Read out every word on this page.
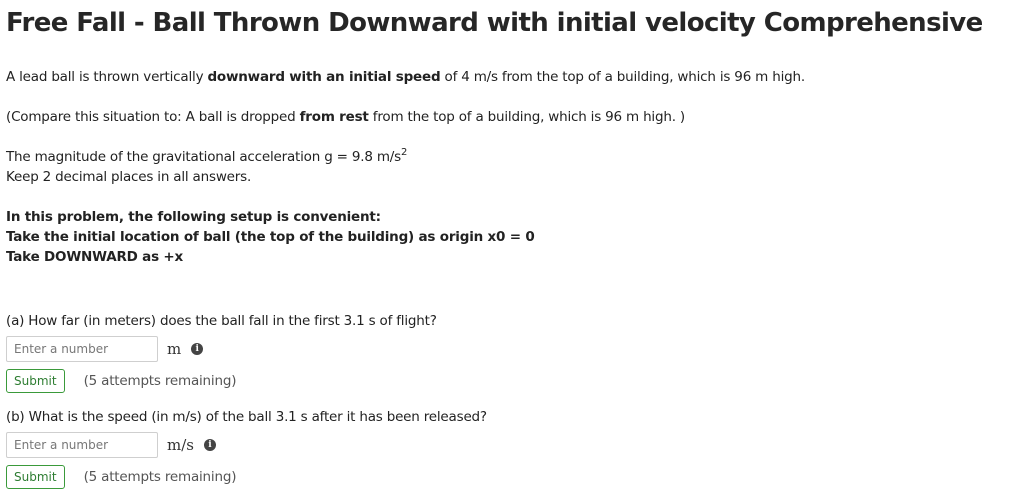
Free Fall - Ball Thrown Downward with initial velocity Comprehensive

A lead ball is thrown vertically downward with an initial speed of 4 m/s from the top of a building, which is 96 m high.

(Compare this situation to: A ball is dropped from rest from the top of a building, which is 96 m high. )

The magnitude of the gravitational acceleration g = 9.8 $m/s^2$

Keep 2 decimal places in all answers.

In this problem, the following setup is convenient:

Take the initial location of ball (the top of the building) as origin x0 = 0

Take DOWNWARD as +x

(a) How far (in meters) does the ball fall in the first 3.1 s of flight?

Enter a number
m	i
Submit	(5 attempts remaining)

(b) What is the speed (in m/s) of the ball 3.1 s after it has been released?

Enter a number
m/s	i
Submit	(5 attempts remaining)
